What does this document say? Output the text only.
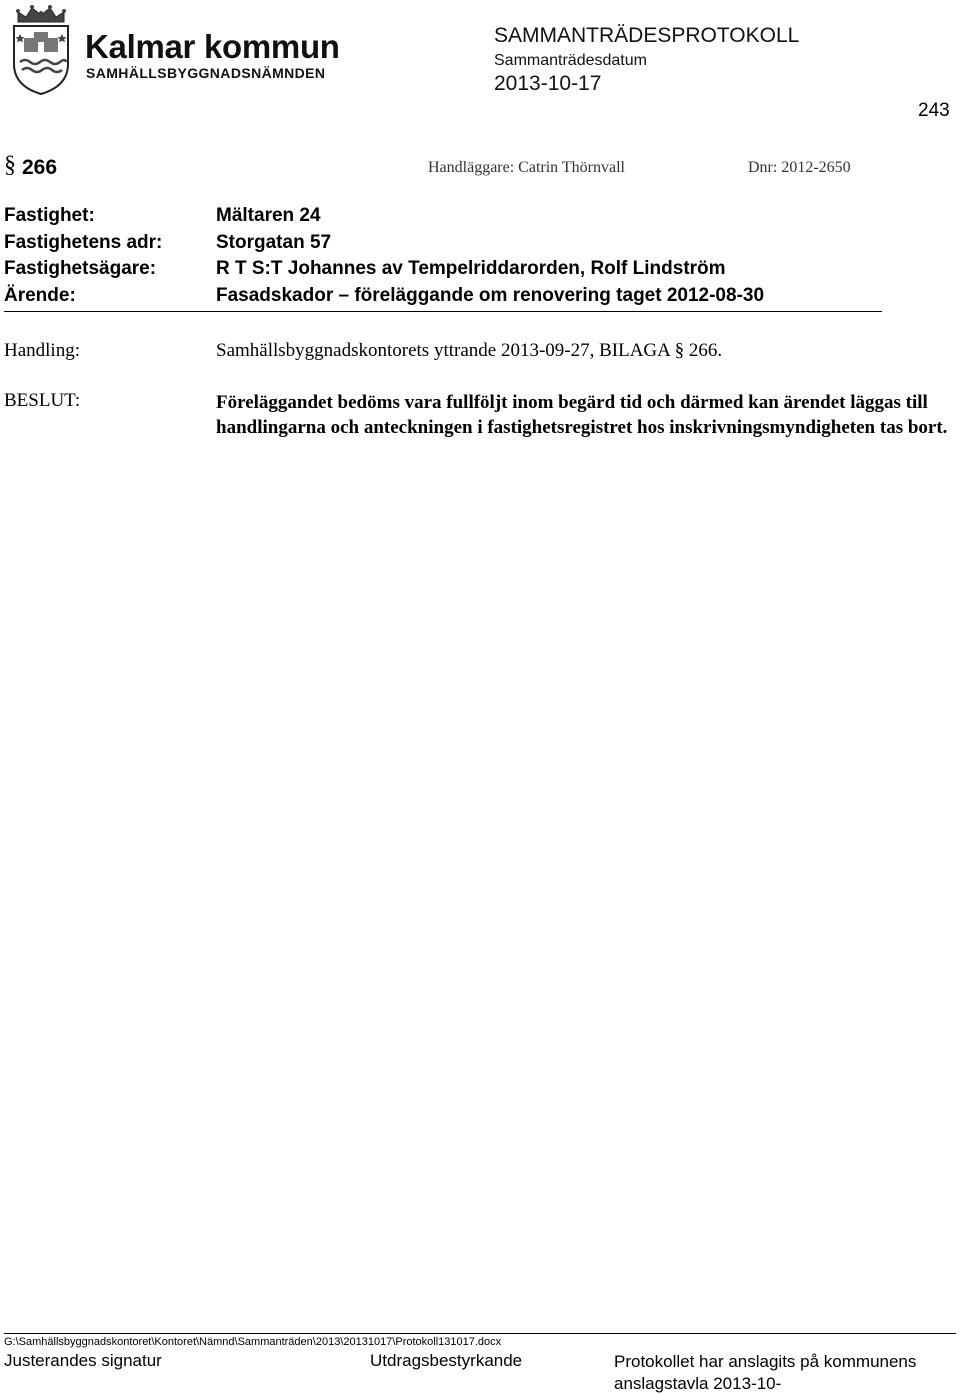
Kalmar kommun
SAMHÄLLSBYGGNADSNÄMNDEN
SAMMANTRÄDESPROTOKOLL
Sammanträdesdatum
2013-10-17
243
§ 266	Handläggare: Catrin Thörnvall	Dnr: 2012-2650
Fastighet:	Mältaren 24
Fastighetens adr:	Storgatan 57
Fastighetsägare:	R T S:T Johannes av Tempelriddarorden, Rolf Lindström
Ärende:	Fasadskador – föreläggande om renovering taget 2012-08-30
Handling:	Samhällsbyggnadskontorets yttrande 2013-09-27, BILAGA § 266.
BESLUT:	Föreläggandet bedöms vara fullföljt inom begärd tid och därmed kan ärendet läggas till handlingarna och anteckningen i fastighetsregistret hos inskrivningsmyndigheten tas bort.
G:\Samhällsbyggnadskontoret\Kontoret\Nämnd\Sammanträden\2013\20131017\Protokoll131017.docx
Justerandes signatur	Utdragsbestyrkande	Protokollet har anslagits på kommunens anslagstavla 2013-10-
